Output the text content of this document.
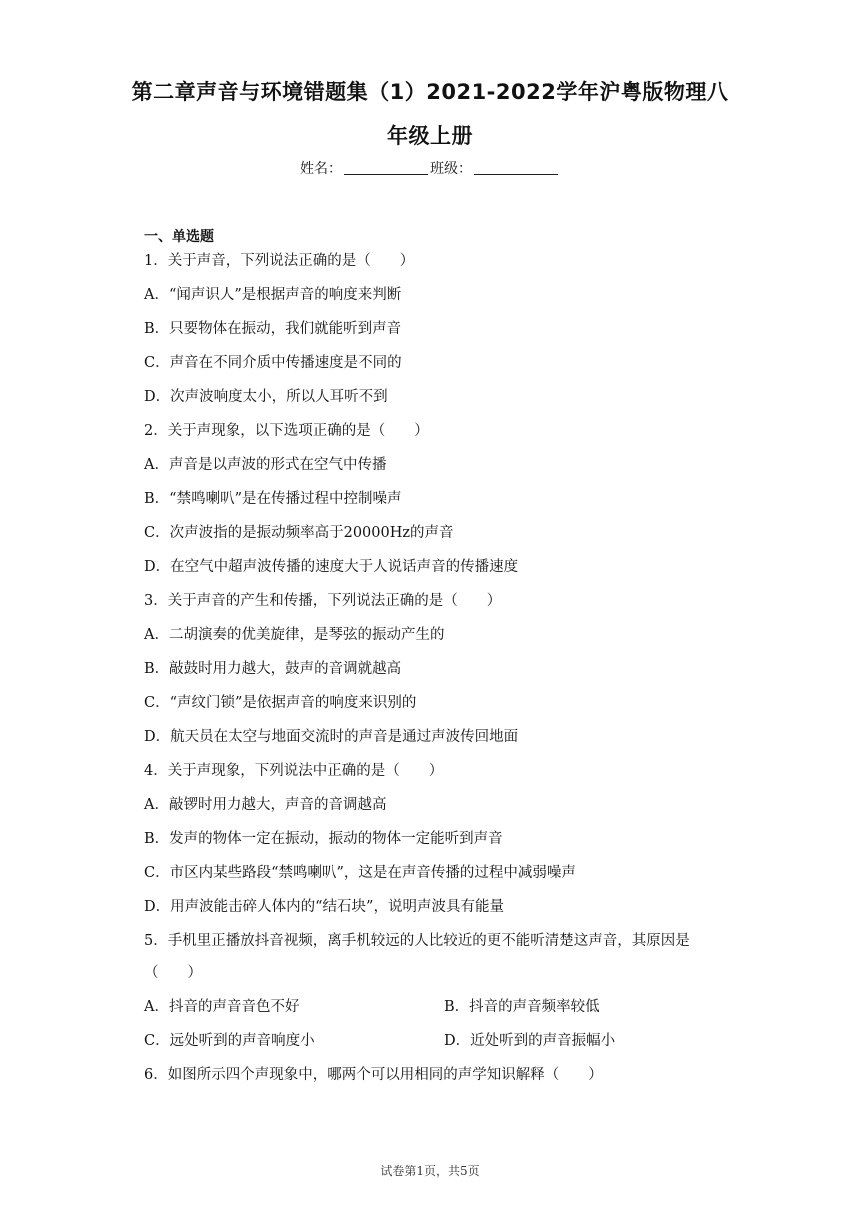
第二章声音与环境错题集（1）2021-2022学年沪粤版物理八
年级上册
姓名：	班级：
一、单选题
1．关于声音，下列说法正确的是（　　）
A．“闻声识人”是根据声音的响度来判断
B．只要物体在振动，我们就能听到声音
C．声音在不同介质中传播速度是不同的
D．次声波响度太小，所以人耳听不到
2．关于声现象，以下选项正确的是（　　）
A．声音是以声波的形式在空气中传播
B．“禁鸣喇叭”是在传播过程中控制噪声
C．次声波指的是振动频率高于20000Hz的声音
D．在空气中超声波传播的速度大于人说话声音的传播速度
3．关于声音的产生和传播，下列说法正确的是（　　）
A．二胡演奏的优美旋律，是琴弦的振动产生的
B．敲鼓时用力越大，鼓声的音调就越高
C．“声纹门锁”是依据声音的响度来识别的
D．航天员在太空与地面交流时的声音是通过声波传回地面
4．关于声现象，下列说法中正确的是（　　）
A．敲锣时用力越大，声音的音调越高
B．发声的物体一定在振动，振动的物体一定能听到声音
C．市区内某些路段“禁鸣喇叭”，这是在声音传播的过程中减弱噪声
D．用声波能击碎人体内的“结石块”，说明声波具有能量
5．手机里正播放抖音视频，离手机较远的人比较近的更不能听清楚这声音，其原因是
（　　）
A．抖音的声音音色不好	B．抖音的声音频率较低
C．远处听到的声音响度小	D．近处听到的声音振幅小
6．如图所示四个声现象中，哪两个可以用相同的声学知识解释（　　）
试卷第1页，共5页
